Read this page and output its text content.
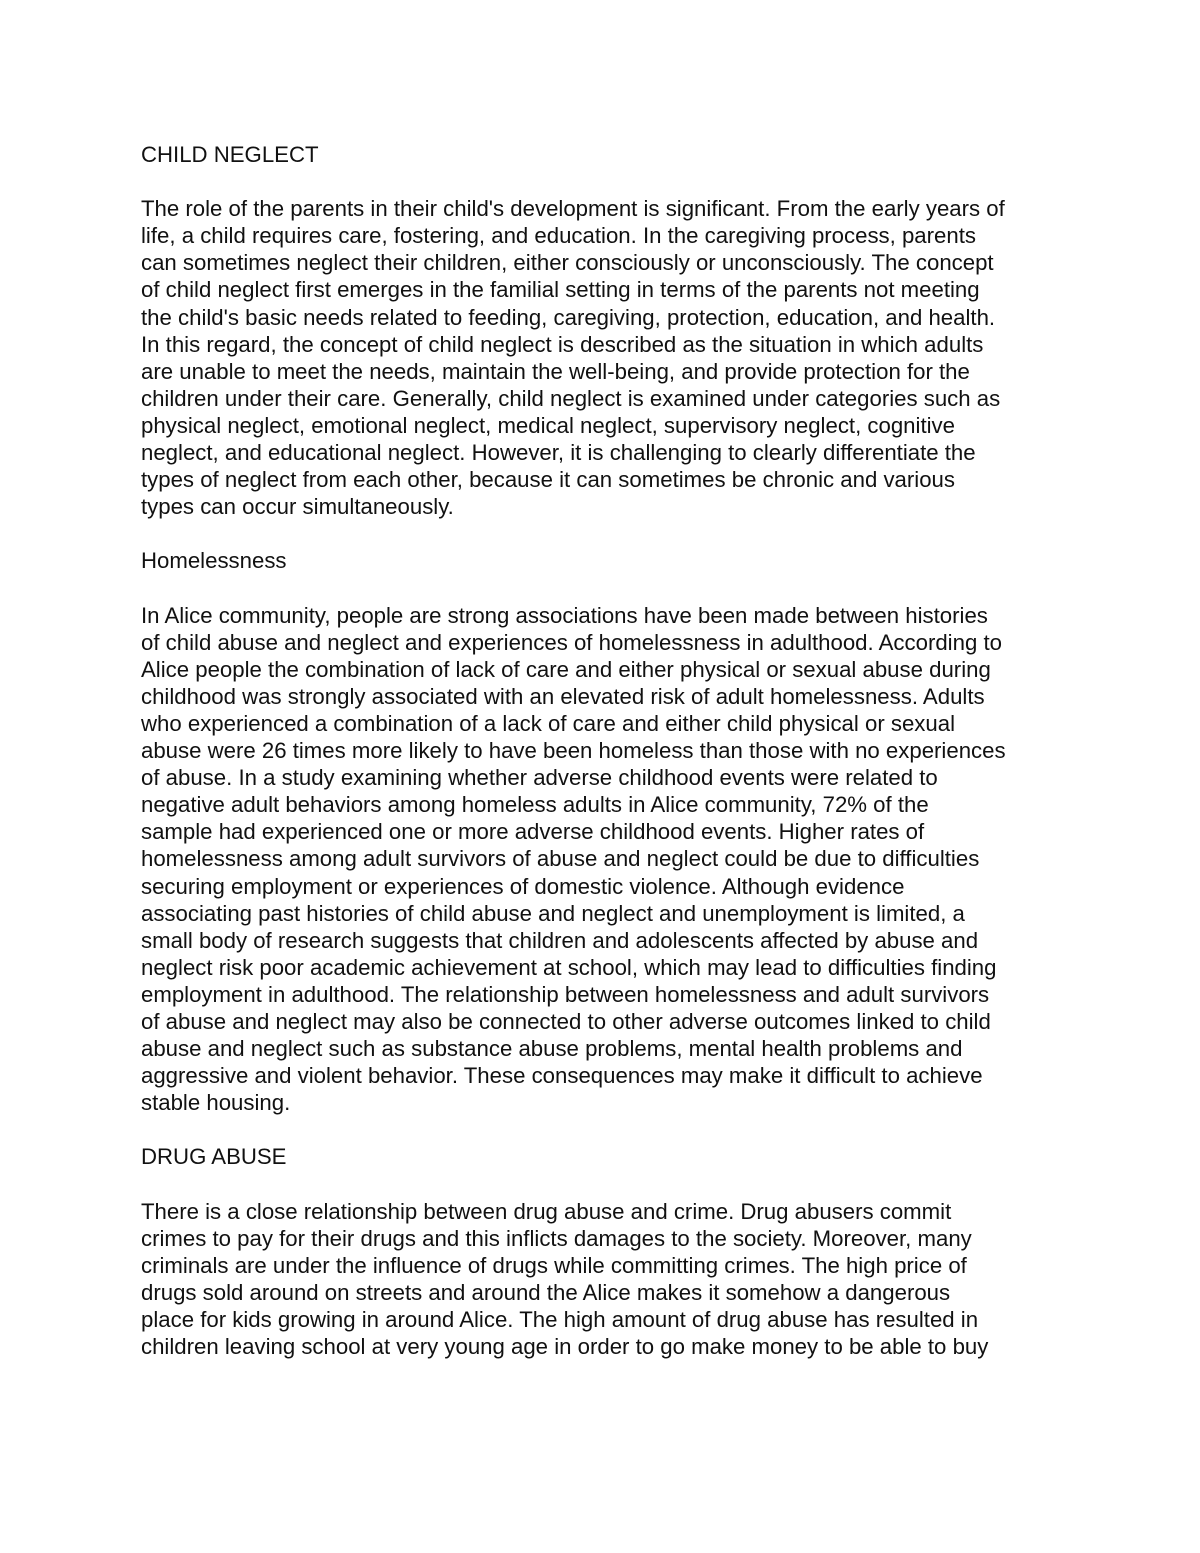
CHILD NEGLECT
The role of the parents in their child's development is significant. From the early years of
life, a child requires care, fostering, and education. In the caregiving process, parents
can sometimes neglect their children, either consciously or unconsciously. The concept
of child neglect first emerges in the familial setting in terms of the parents not meeting
the child's basic needs related to feeding, caregiving, protection, education, and health.
In this regard, the concept of child neglect is described as the situation in which adults
are unable to meet the needs, maintain the well-being, and provide protection for the
children under their care. Generally, child neglect is examined under categories such as
physical neglect, emotional neglect, medical neglect, supervisory neglect, cognitive
neglect, and educational neglect. However, it is challenging to clearly differentiate the
types of neglect from each other, because it can sometimes be chronic and various
types can occur simultaneously.
Homelessness
In Alice community, people are strong associations have been made between histories
of child abuse and neglect and experiences of homelessness in adulthood. According to
Alice people the combination of lack of care and either physical or sexual abuse during
childhood was strongly associated with an elevated risk of adult homelessness. Adults
who experienced a combination of a lack of care and either child physical or sexual
abuse were 26 times more likely to have been homeless than those with no experiences
of abuse. In a study examining whether adverse childhood events were related to
negative adult behaviors among homeless adults in Alice community, 72% of the
sample had experienced one or more adverse childhood events. Higher rates of
homelessness among adult survivors of abuse and neglect could be due to difficulties
securing employment or experiences of domestic violence. Although evidence
associating past histories of child abuse and neglect and unemployment is limited, a
small body of research suggests that children and adolescents affected by abuse and
neglect risk poor academic achievement at school, which may lead to difficulties finding
employment in adulthood. The relationship between homelessness and adult survivors
of abuse and neglect may also be connected to other adverse outcomes linked to child
abuse and neglect such as substance abuse problems, mental health problems and
aggressive and violent behavior. These consequences may make it difficult to achieve
stable housing.
DRUG ABUSE
There is a close relationship between drug abuse and crime. Drug abusers commit
crimes to pay for their drugs and this inflicts damages to the society. Moreover, many
criminals are under the influence of drugs while committing crimes. The high price of
drugs sold around on streets and around the Alice makes it somehow a dangerous
place for kids growing in around Alice. The high amount of drug abuse has resulted in
children leaving school at very young age in order to go make money to be able to buy
